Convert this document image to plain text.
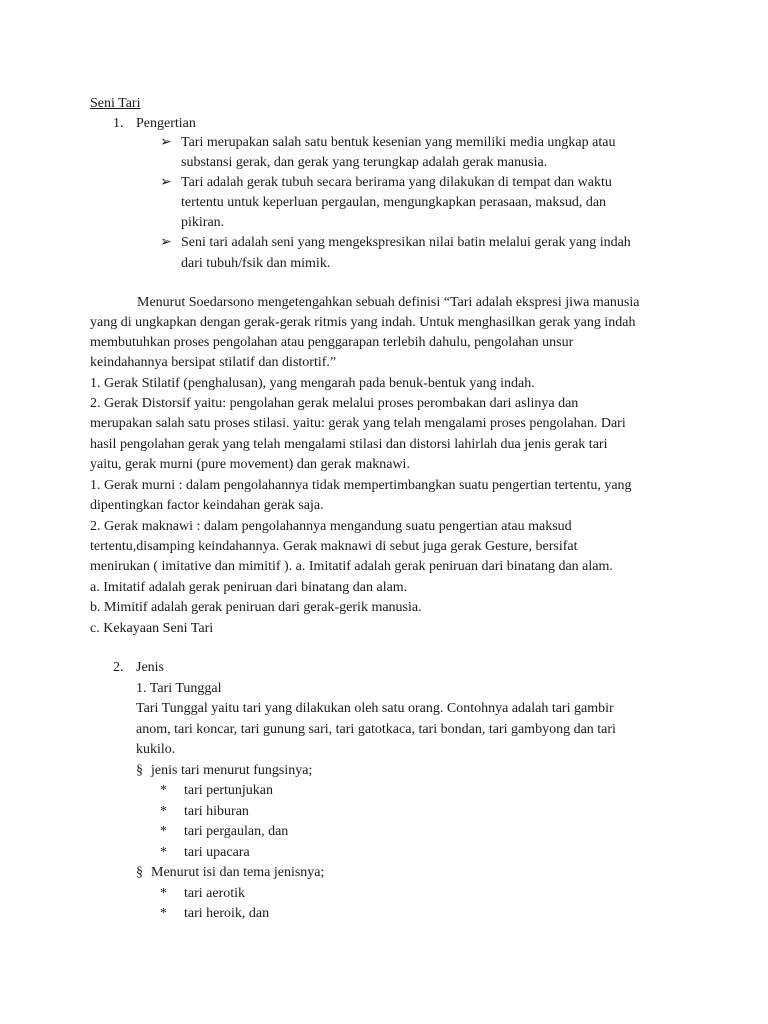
Seni Tari
1. Pengertian
➢ Tari merupakan salah satu bentuk kesenian yang memiliki media ungkap atau
substansi gerak, dan gerak yang terungkap adalah gerak manusia.
➢ Tari adalah gerak tubuh secara berirama yang dilakukan di tempat dan waktu
tertentu untuk keperluan pergaulan, mengungkapkan perasaan, maksud, dan
pikiran.
➢ Seni tari adalah seni yang mengekspresikan nilai batin melalui gerak yang indah
dari tubuh/fsik dan mimik.
Menurut Soedarsono mengetengahkan sebuah definisi “Tari adalah ekspresi jiwa manusia
yang di ungkapkan dengan gerak-gerak ritmis yang indah. Untuk menghasilkan gerak yang indah
membutuhkan proses pengolahan atau penggarapan terlebih dahulu, pengolahan unsur
keindahannya bersipat stilatif dan distortif.”
1. Gerak Stilatif (penghalusan), yang mengarah pada benuk-bentuk yang indah.
2. Gerak Distorsif yaitu: pengolahan gerak melalui proses perombakan dari aslinya dan
merupakan salah satu proses stilasi. yaitu: gerak yang telah mengalami proses pengolahan. Dari
hasil pengolahan gerak yang telah mengalami stilasi dan distorsi lahirlah dua jenis gerak tari
yaitu, gerak murni (pure movement) dan gerak maknawi.
1. Gerak murni : dalam pengolahannya tidak mempertimbangkan suatu pengertian tertentu, yang
dipentingkan factor keindahan gerak saja.
2. Gerak maknawi : dalam pengolahannya mengandung suatu pengertian atau maksud
tertentu,disamping keindahannya. Gerak maknawi di sebut juga gerak Gesture, bersifat
menirukan ( imitative dan mimitif ). a. Imitatif adalah gerak peniruan dari binatang dan alam.
a. Imitatif adalah gerak peniruan dari binatang dan alam.
b. Mimitif adalah gerak peniruan dari gerak-gerik manusia.
c. Kekayaan Seni Tari
2. Jenis
1. Tari Tunggal
Tari Tunggal yaitu tari yang dilakukan oleh satu orang. Contohnya adalah tari gambir
anom, tari koncar, tari gunung sari, tari gatotkaca, tari bondan, tari gambyong dan tari
kukilo.
§ jenis tari menurut fungsinya;
* tari pertunjukan
* tari hiburan
* tari pergaulan, dan
* tari upacara
§ Menurut isi dan tema jenisnya;
* tari aerotik
* tari heroik, dan
